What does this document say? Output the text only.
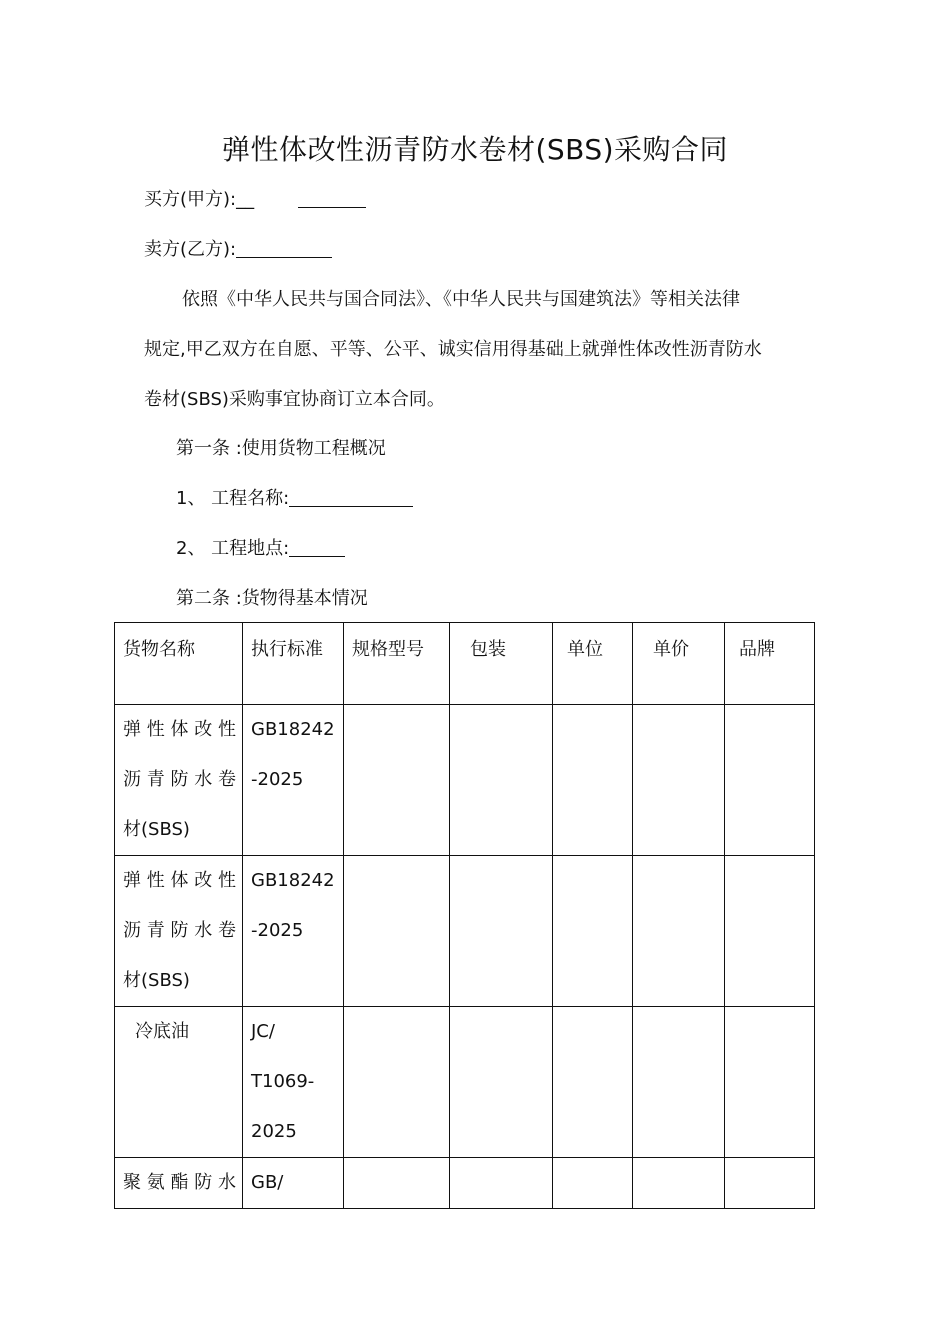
弹性体改性沥青防水卷材(SBS)采购合同
买方(甲方):__
卖方(乙方):
依照《中华人民共与国合同法》、《中华人民共与国建筑法》等相关法律
规定,甲乙双方在自愿、平等、公平、诚实信用得基础上就弹性体改性沥青防水
卷材(SBS)采购事宜协商订立本合同。
第一条 :使用货物工程概况
1、 工程名称:
2、 工程地点:
第二条 :货物得基本情况
货物名称	执行标准	规格型号	包装	单位	单价	品牌

弹性体改性
沥青防水卷
材(SBS)	GB18242
-2025					

弹性体改性
沥青防水卷
材(SBS)	GB18242
-2025					

冷底油	JC/
T1069-
2025					

聚氨酯防水	GB/					
